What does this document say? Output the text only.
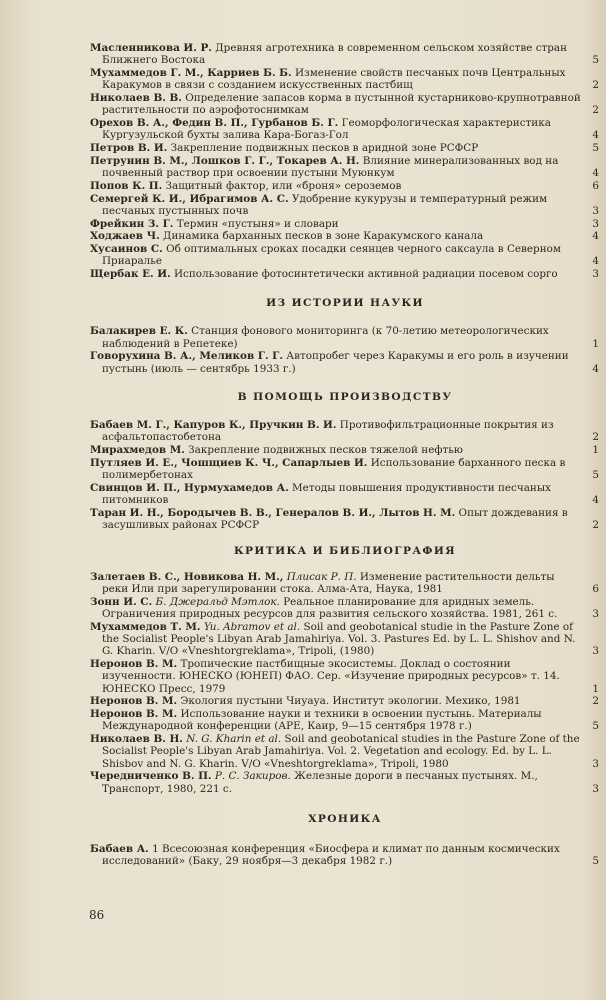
Масленникова И. Р. Древняя агротехника в современном сельском хозяйстве стран Ближнего Востока	5
Мухаммедов Г. М., Карриев Б. Б. Изменение свойств песчаных почв Центральных Каракумов в связи с созданием искусственных пастбищ	2
Николаев В. В. Определение запасов корма в пустынной кустарниково-крупнотравной растительности по аэрофотоснимкам	2
Орехов В. А., Федин В. П., Гурбанов Б. Г. Геоморфологическая характеристика Кургузульской бухты залива Кара-Богаз-Гол	4
Петров В. И. Закрепление подвижных песков в аридной зоне РСФСР	5
Петрунин В. М., Лошков Г. Г., Токарев А. Н. Влияние минерализованных вод на почвенный раствор при освоении пустыни Муюнкум	4
Попов К. П. Защитный фактор, или «броня» сероземов	6
Семергей К. И., Ибрагимов А. С. Удобрение кукурузы и температурный режим песчаных пустынных почв	3
Фрейкин З. Г. Термин «пустыня» и словари	3
Ходжаев Ч. Динамика барханных песков в зоне Каракумского канала	4
Хусаинов С. Об оптимальных сроках посадки сеянцев черного саксаула в Северном Приаралье	4
Щербак Е. И. Использование фотосинтетически активной радиации посевом сорго	3
ИЗ ИСТОРИИ НАУКИ
Балакирев Е. К. Станция фонового мониторинга (к 70-летию метеорологических наблюдений в Репетеке)	1
Говорухина В. А., Меликов Г. Г. Автопробег через Каракумы и его роль в изучении пустынь (июль — сентябрь 1933 г.)	4
В ПОМОЩЬ ПРОИЗВОДСТВУ
Бабаев М. Г., Капуров К., Пручкин В. И. Противофильтрационные покрытия из асфальтопастобетона	2
Мирахмедов М. Закрепление подвижных песков тяжелой нефтью	1
Путляев И. Е., Чошщиев К. Ч., Сапарлыев И. Использование барханного песка в полимербетонах	5
Свинцов И. П., Нурмухамедов А. Методы повышения продуктивности песчаных питомников	4
Таран И. Н., Бородычев В. В., Генералов В. И., Лытов Н. М. Опыт дождевания в засушливых районах РСФСР	2
КРИТИКА И БИБЛИОГРАФИЯ
Залетаев В. С., Новикова Н. М., Плисак Р. П. Изменение растительности дельты реки Или при зарегулировании стока. Алма-Ата, Наука, 1981	6
Зонн И. С. Б. Джеральд Мэтлок. Реальное планирование для аридных земель. Ограничения природных ресурсов для развития сельского хозяйства. 1981, 261 с.	3
Мухаммедов Т. М. Yu. Abramov et al. Soil and geobotanical studie in the Pasture Zone of the Socialist People's Libyan Arab Jamahiriya. Vol. 3. Pastures Ed. by L. L. Shishov and N. G. Kharin. V/O «Vneshtorgreklama», Tripoli, (1980)	3
Неронов В. М. Тропические пастбищные экосистемы. Доклад о состоянии изученности. ЮНЕСКО (ЮНЕП) ФАО. Сер. «Изучение природных ресурсов» т. 14. ЮНЕСКО Пресс, 1979	1
Неронов В. М. Экология пустыни Чиуауа. Институт экологии. Мехико, 1981	2
Неронов В. М. Использование науки и техники в освоении пустынь. Материалы Международной конференции (АРЕ, Каир, 9—15 сентября 1978 г.)	5
Николаев В. Н. N. G. Kharin et al. Soil and geobotanical studies in the Pasture Zone of the Socialist People's Libyan Arab Jamahiriya. Vol. 2. Vegetation and ecology. Ed. by L. L. Shisbov and N. G. Kharin. V/O «Vneshtorgreklama», Tripoli, 1980	3
Чередниченко В. П. Р. С. Закиров. Железные дороги в песчаных пустынях. М., Транспорт, 1980, 221 с.	3
ХРОНИКА
Бабаев А. 1 Всесоюзная конференция «Биосфера и климат по данным космических исследований» (Баку, 29 ноября—3 декабря 1982 г.)	5
86
